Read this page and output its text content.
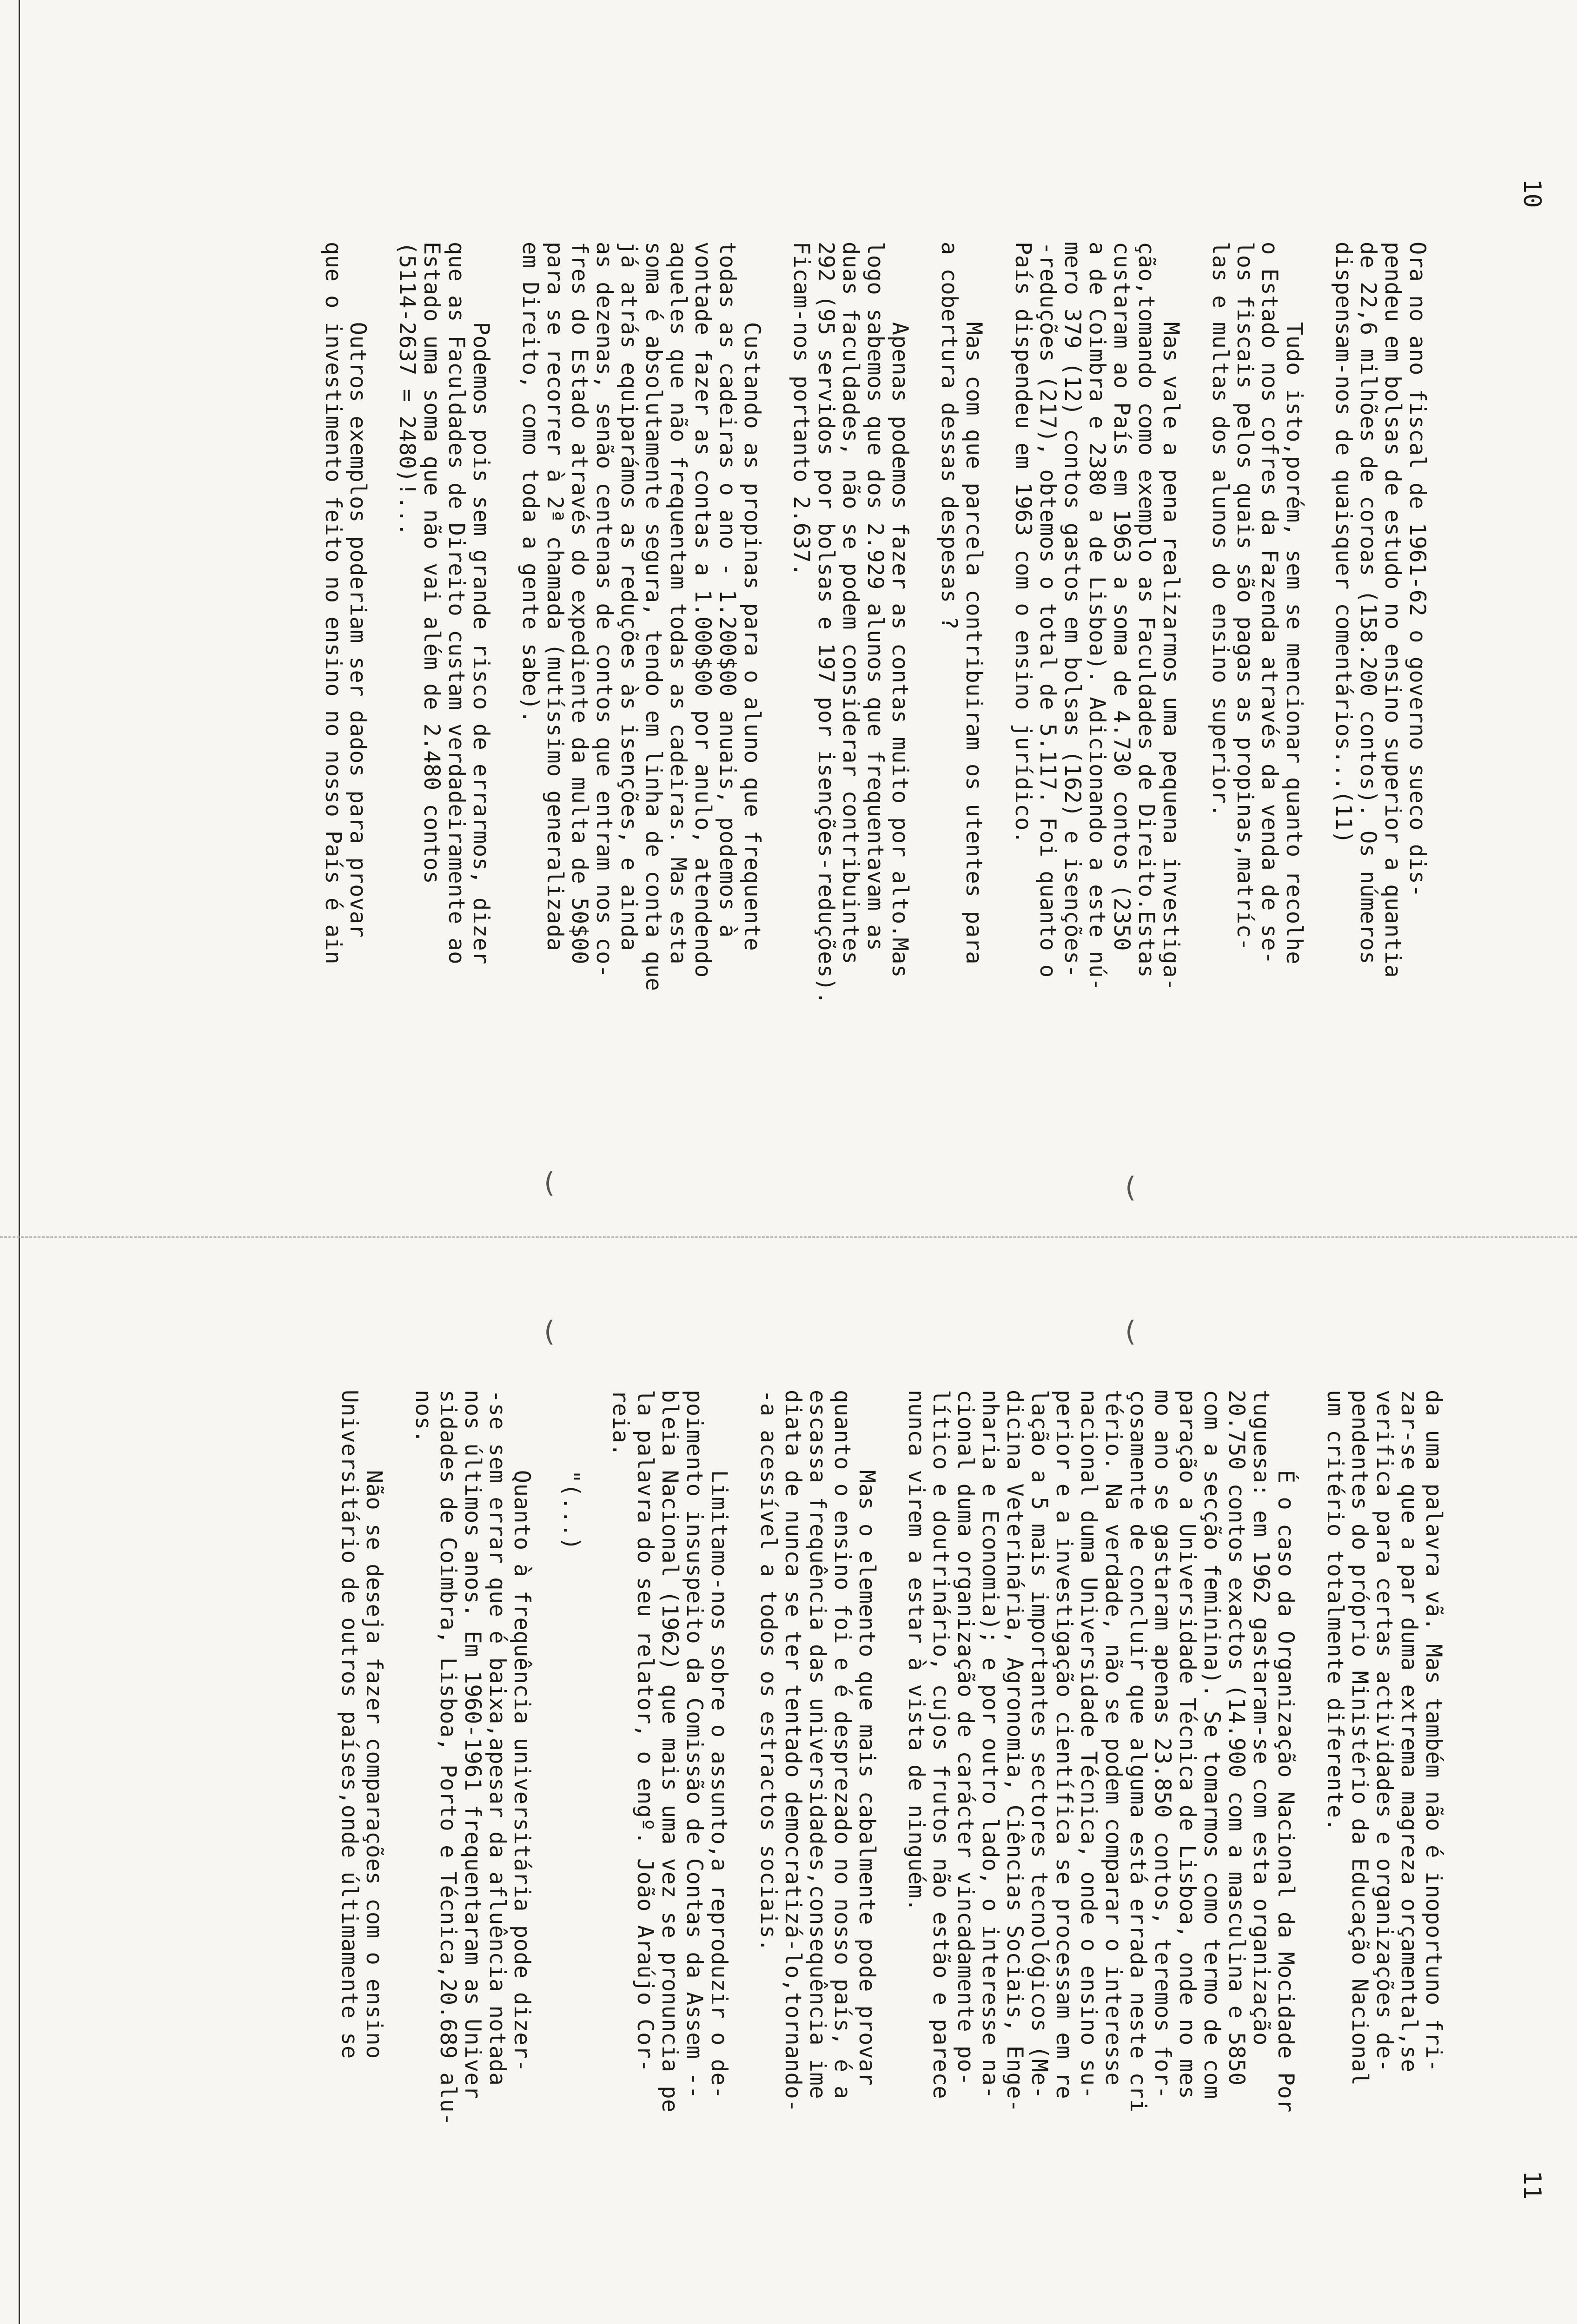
10
Ora no ano fiscal de 1961-62 o governo sueco dis-
pendeu em bolsas de estudo no ensino superior a quantia
de 22,6 milhões de coroas (158.200 contos). Os números
dispensam-nos de quaisquer comentários...(11)
Tudo isto,porém, sem se mencionar quanto recolhe
o Estado nos cofres da Fazenda através da venda de se-
los fiscais pelos quais são pagas as propinas,matríc-
las e multas dos alunos do ensino superior.
Mas vale a pena realizarmos uma pequena investiga-
ção,tomando como exemplo as Faculdades de Direito.Estas
custaram ao País em 1963 a soma de 4.730 contos (2350
a de Coimbra e 2380 a de Lisboa). Adicionando a este nú-
mero 379 (12) contos gastos em bolsas (162) e isenções-
-reduções (217), obtemos o total de 5.117. Foi quanto o
País dispendeu em 1963 com o ensino jurídico.
Mas com que parcela contribuiram os utentes para
a cobertura dessas despesas ?
Apenas podemos fazer as contas muito por alto.Mas
logo sabemos que dos 2.929 alunos que frequentavam as
duas faculdades, não se podem considerar contribuintes
292 (95 servidos por bolsas e 197 por isenções-reduções).
Ficam-nos portanto 2.637.
Custando as propinas para o aluno que frequente
todas as cadeiras o ano - 1.200$00 anuais, podemos à
vontade fazer as contas a 1.000$00 por anulo, atendendo
aqueles que não frequentam todas as cadeiras. Mas esta
soma é absolutamente segura, tendo em linha de conta que
já atrás equiparámos as reduções às isenções, e ainda
as dezenas, senão centenas de contos que entram nos co-
fres do Estado através do expediente da multa de 50$00
para se recorrer à 2ª chamada (mutíssimo generalizada
em Direito, como toda a gente sabe).
Podemos pois sem grande risco de errarmos, dizer
que as Faculdades de Direito custam verdadeiramente ao
Estado uma soma que não vai além de 2.480 contos
(5114-2637 = 2480)!...
Outros exemplos poderiam ser dados para provar
que o investimento feito no ensino no nosso País é ain
11
da uma palavra vã. Mas também não é inoportuno fri-
zar-se que a par duma extrema magreza orçamental,se
verifica para certas actividades e organizações de-
pendentes do próprio Ministério da Educação Nacional
um critério totalmente diferente.
É o caso da Organização Nacional da Mocidade Por
tuguesa: em 1962 gastaram-se com esta organização
20.750 contos exactos (14.900 com a masculina e 5850
com a secção feminina). Se tomarmos como termo de com
paração a Universidade Técnica de Lisboa, onde no mes
mo ano se gastaram apenas 23.850 contos, teremos for-
çosamente de concluir que alguma está errada neste cri
tério. Na verdade, não se podem comparar o interesse
nacional duma Universidade Técnica, onde o ensino su-
perior e a investigação científica se processam em re
lação a 5 mais importantes sectores tecnológicos (Me-
dicina Veterinária, Agronomia, Ciências Sociais, Enge-
nharia e Economia); e por outro lado, o interesse na-
cional duma organização de carácter vincadamente po-
lítico e doutrinário, cujos frutos não estão e parece
nunca virem a estar à vista de ninguém.
Mas o elemento que mais cabalmente pode provar
quanto o ensino foi e é desprezado no nosso país, é a
escassa frequência das universidades,consequência ime
diata de nunca se ter tentado democratizá-lo,tornando-
-a acessível a todos os estractos sociais.
Limitamo-nos sobre o assunto,a reproduzir o de-
poimento insuspeito da Comissão de Contas da Assem --
bleia Nacional (1962) que mais uma vez se pronuncia pe
la palavra do seu relator, o engº. João Araújo Cor-
reia.
"(...)
Quanto à frequência universitária pode dizer-
-se sem errar que é baixa,apesar da afluência notada
nos últimos anos. Em 1960-1961 frequentaram as Univer
sidades de Coimbra, Lisboa, Porto e Técnica,20.689 alu-
nos.
Não se deseja fazer comparações com o ensino
Universitário de outros países,onde últimamente se
(	(
(	(
